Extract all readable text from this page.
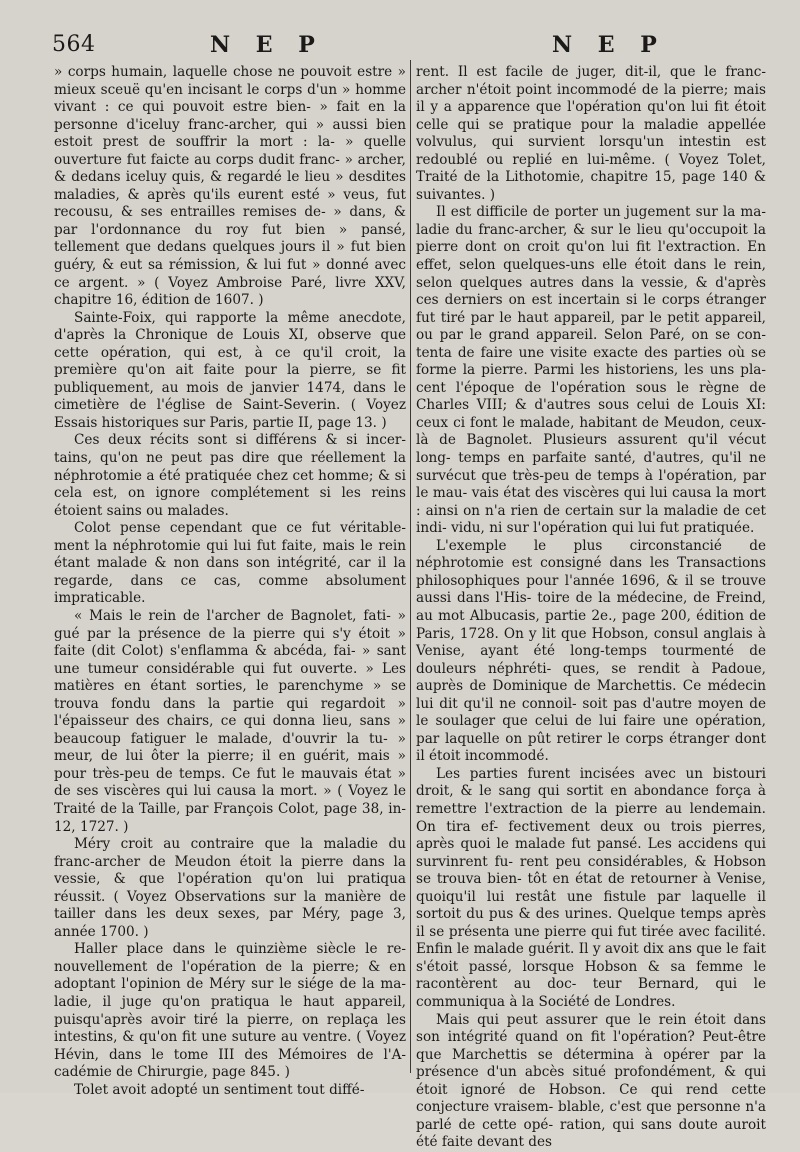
564	N E P	N E P

» corps humain, laquelle chose ne pouvoit estre » mieux sceuë qu'en incisant le corps d'un » homme vivant : ce qui pouvoit estre bien- » fait en la personne d'iceluy franc-archer, qui » aussi bien estoit prest de souffrir la mort : la- » quelle ouverture fut faicte au corps dudit franc- » archer, & dedans iceluy quis, & regardé le lieu » desdites maladies, & après qu'ils eurent esté » veus, fut recousu, & ses entrailles remises de- » dans, & par l'ordonnance du roy fut bien » pansé, tellement que dedans quelques jours il » fut bien guéry, & eut sa rémission, & lui fut » donné avec ce argent. » ( Voyez Ambroise Paré, livre XXV, chapitre 16, édition de 1607. )

Sainte-Foix, qui rapporte la même anecdote, d'après la Chronique de Louis XI, observe que cette opération, qui est, à ce qu'il croit, la première qu'on ait faite pour la pierre, se fit publiquement, au mois de janvier 1474, dans le cimetière de l'église de Saint-Severin. ( Voyez Essais historiques sur Paris, partie II, page 13. )

Ces deux récits sont si différens & si incer- tains, qu'on ne peut pas dire que réellement la néphrotomie a été pratiquée chez cet homme; & si cela est, on ignore complétement si les reins étoient sains ou malades.

Colot pense cependant que ce fut véritable- ment la néphrotomie qui lui fut faite, mais le rein étant malade & non dans son intégrité, car il la regarde, dans ce cas, comme absolument impraticable.

« Mais le rein de l'archer de Bagnolet, fati- » gué par la présence de la pierre qui s'y étoit » faite (dit Colot) s'enflamma & abcéda, fai- » sant une tumeur considérable qui fut ouverte. » Les matières en étant sorties, le parenchyme » se trouva fondu dans la partie qui regardoit » l'épaisseur des chairs, ce qui donna lieu, sans » beaucoup fatiguer le malade, d'ouvrir la tu- » meur, de lui ôter la pierre; il en guérit, mais » pour très-peu de temps. Ce fut le mauvais état » de ses viscères qui lui causa la mort. » ( Voyez le Traité de la Taille, par François Colot, page 38, in-12, 1727. )

Méry croit au contraire que la maladie du franc-archer de Meudon étoit la pierre dans la vessie, & que l'opération qu'on lui pratiqua réussit. ( Voyez Observations sur la manière de tailler dans les deux sexes, par Méry, page 3, année 1700. )

Haller place dans le quinzième siècle le re- nouvellement de l'opération de la pierre; & en adoptant l'opinion de Méry sur le siége de la ma- ladie, il juge qu'on pratiqua le haut appareil, puisqu'après avoir tiré la pierre, on replaça les intestins, & qu'on fit une suture au ventre. ( Voyez Hévin, dans le tome III des Mémoires de l'A- cadémie de Chirurgie, page 845. )

Tolet avoit adopté un sentiment tout diffé-

rent. Il est facile de juger, dit-il, que le franc- archer n'étoit point incommodé de la pierre; mais il y a apparence que l'opération qu'on lui fit étoit celle qui se pratique pour la maladie appellée volvulus, qui survient lorsqu'un intestin est redoublé ou replié en lui-même. ( Voyez Tolet, Traité de la Lithotomie, chapitre 15, page 140 & suivantes. )

Il est difficile de porter un jugement sur la ma- ladie du franc-archer, & sur le lieu qu'occupoit la pierre dont on croit qu'on lui fit l'extraction. En effet, selon quelques-uns elle étoit dans le rein, selon quelques autres dans la vessie, & d'après ces derniers on est incertain si le corps étranger fut tiré par le haut appareil, par le petit appareil, ou par le grand appareil. Selon Paré, on se con- tenta de faire une visite exacte des parties où se forme la pierre. Parmi les historiens, les uns pla- cent l'époque de l'opération sous le règne de Charles VIII; & d'autres sous celui de Louis XI: ceux ci font le malade, habitant de Meudon, ceux- là de Bagnolet. Plusieurs assurent qu'il vécut long- temps en parfaite santé, d'autres, qu'il ne survécut que très-peu de temps à l'opération, par le mau- vais état des viscères qui lui causa la mort : ainsi on n'a rien de certain sur la maladie de cet indi- vidu, ni sur l'opération qui lui fut pratiquée.

L'exemple le plus circonstancié de néphrotomie est consigné dans les Transactions philosophiques pour l'année 1696, & il se trouve aussi dans l'His- toire de la médecine, de Freind, au mot Albucasis, partie 2e., page 200, édition de Paris, 1728. On y lit que Hobson, consul anglais à Venise, ayant été long-temps tourmenté de douleurs néphréti- ques, se rendit à Padoue, auprès de Dominique de Marchettis. Ce médecin lui dit qu'il ne connoil- soit pas d'autre moyen de le soulager que celui de lui faire une opération, par laquelle on pût retirer le corps étranger dont il étoit incommodé.

Les parties furent incisées avec un bistouri droit, & le sang qui sortit en abondance força à remettre l'extraction de la pierre au lendemain. On tira ef- fectivement deux ou trois pierres, après quoi le malade fut pansé. Les accidens qui survinrent fu- rent peu considérables, & Hobson se trouva bien- tôt en état de retourner à Venise, quoiqu'il lui restât une fistule par laquelle il sortoit du pus & des urines. Quelque temps après il se présenta une pierre qui fut tirée avec facilité. Enfin le malade guérit. Il y avoit dix ans que le fait s'étoit passé, lorsque Hobson & sa femme le racontèrent au doc- teur Bernard, qui le communiqua à la Société de Londres.

Mais qui peut assurer que le rein étoit dans son intégrité quand on fit l'opération? Peut-être que Marchettis se détermina à opérer par la présence d'un abcès situé profondément, & qui étoit ignoré de Hobson. Ce qui rend cette conjecture vraisem- blable, c'est que personne n'a parlé de cette opé- ration, qui sans doute auroit été faite devant des
